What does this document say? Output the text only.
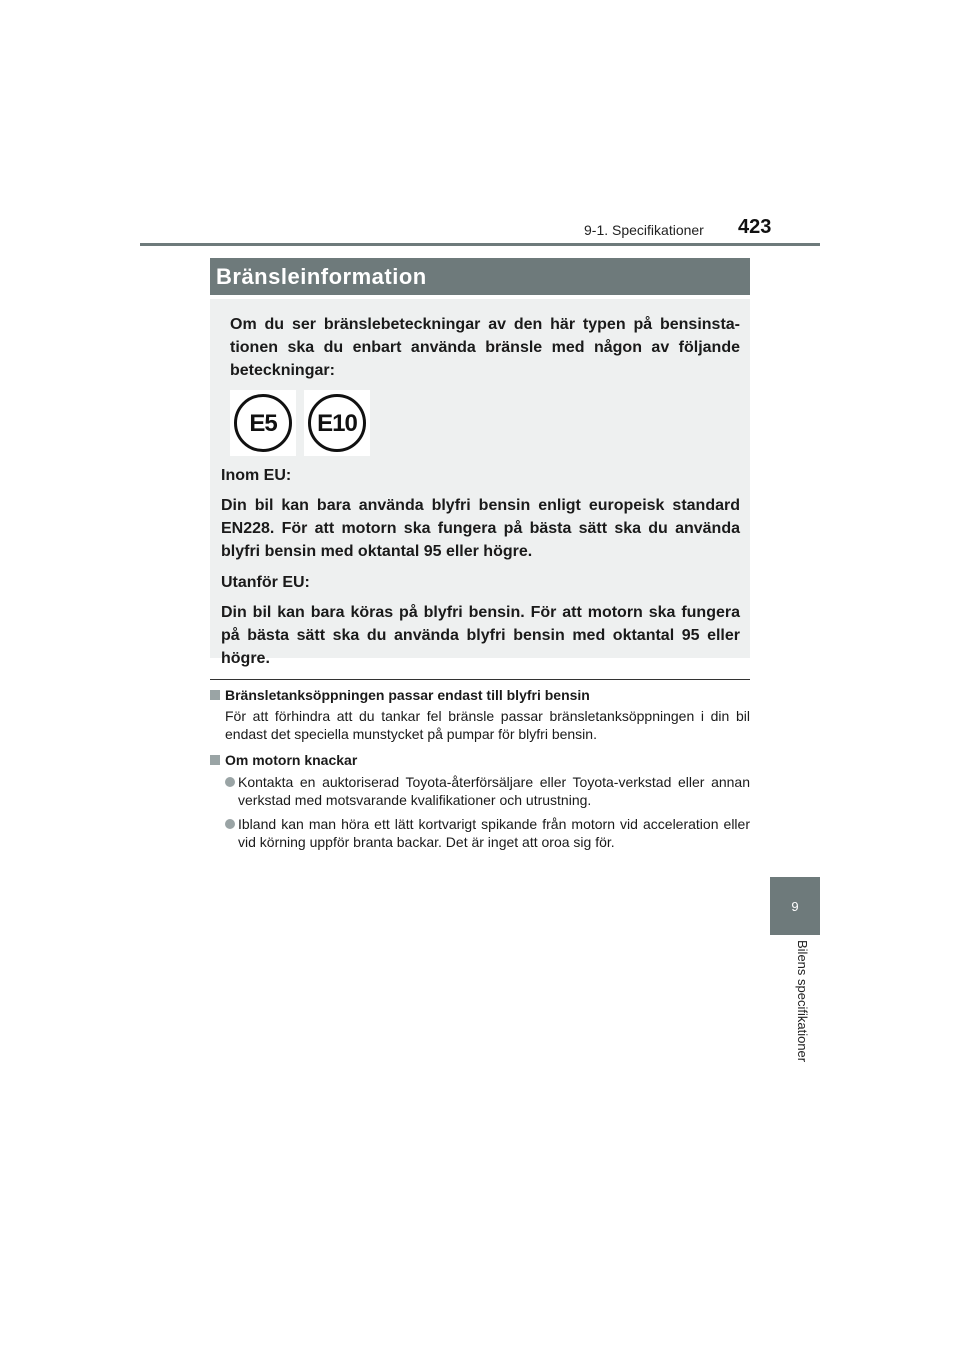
9-1. Specifikationer 423
9
Bilens specifikationer
Bränsleinformation

Om du ser bränslebeteckningar av den här typen på bensinstationen ska du enbart använda bränsle med någon av följande beteckningar:

E5	E10

Inom EU:

Din bil kan bara använda blyfri bensin enligt europeisk standard EN228. För att motorn ska fungera på bästa sätt ska du använda blyfri bensin med oktantal 95 eller högre.

Utanför EU:

Din bil kan bara köras på blyfri bensin. För att motorn ska fungera på bästa sätt ska du använda blyfri bensin med oktantal 95 eller högre.

Bränsletanksöppningen passar endast till blyfri bensin

För att förhindra att du tankar fel bränsle passar bränsletanksöppningen i din bil endast det speciella munstycket på pumpar för blyfri bensin.

Om motorn knackar

Kontakta en auktoriserad Toyota-återförsäljare eller Toyota-verkstad eller annan verkstad med motsvarande kvalifikationer och utrustning.

Ibland kan man höra ett lätt kortvarigt spikande från motorn vid acceleration eller vid körning uppför branta backar. Det är inget att oroa sig för.
